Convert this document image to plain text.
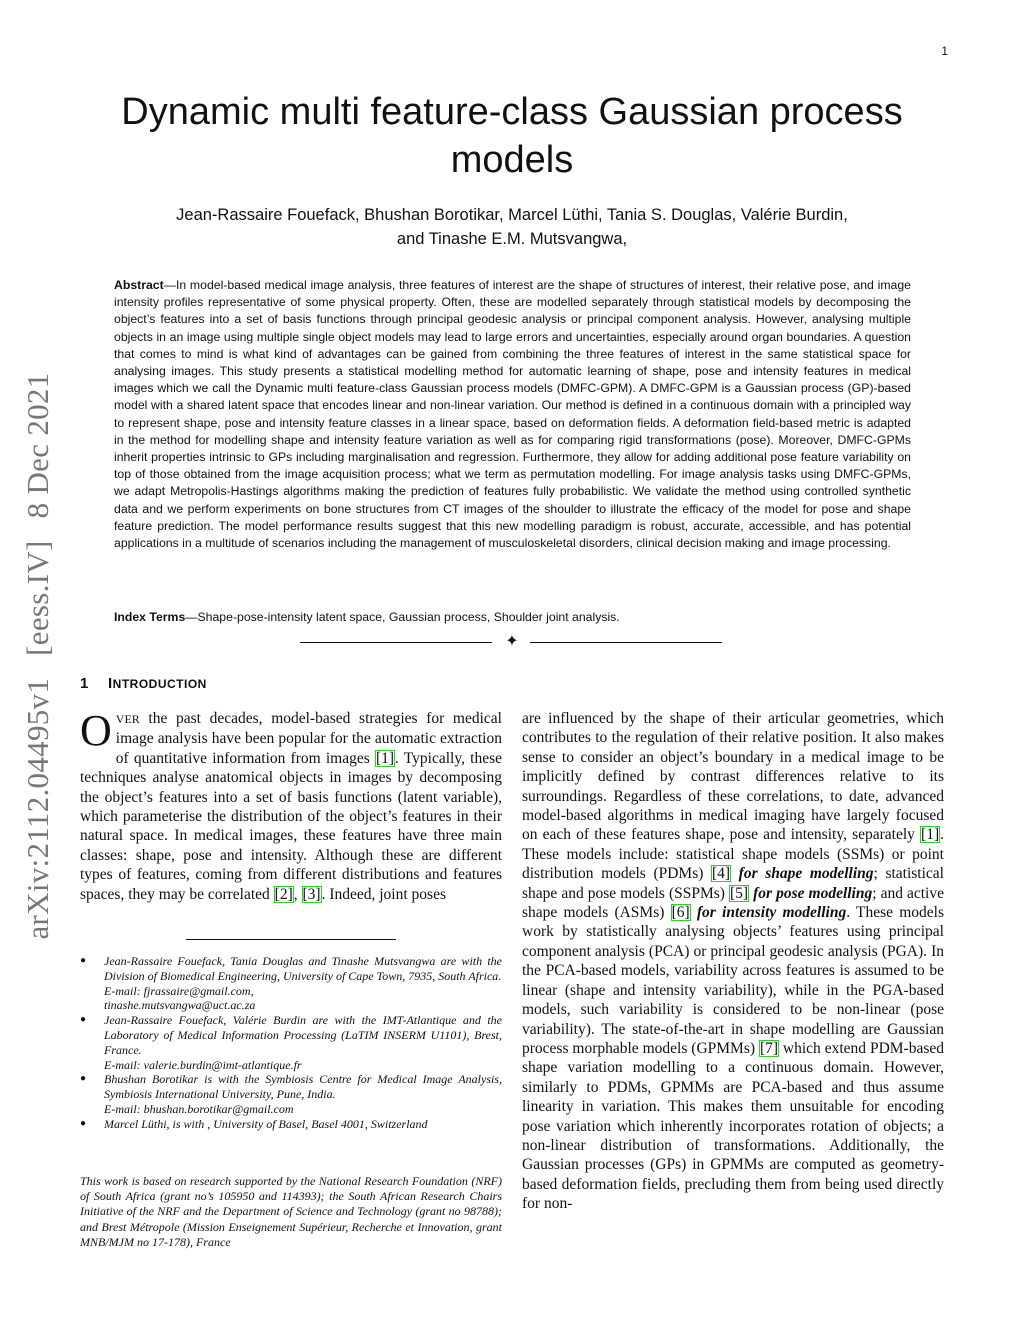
1
Dynamic multi feature-class Gaussian process models
Jean-Rassaire Fouefack, Bhushan Borotikar, Marcel Lüthi, Tania S. Douglas, Valérie Burdin,
and Tinashe E.M. Mutsvangwa,
Abstract—In model-based medical image analysis, three features of interest are the shape of structures of interest, their relative pose, and image intensity profiles representative of some physical property. Often, these are modelled separately through statistical models by decomposing the object’s features into a set of basis functions through principal geodesic analysis or principal component analysis. However, analysing multiple objects in an image using multiple single object models may lead to large errors and uncertainties, especially around organ boundaries. A question that comes to mind is what kind of advantages can be gained from combining the three features of interest in the same statistical space for analysing images. This study presents a statistical modelling method for automatic learning of shape, pose and intensity features in medical images which we call the Dynamic multi feature-class Gaussian process models (DMFC-GPM). A DMFC-GPM is a Gaussian process (GP)-based model with a shared latent space that encodes linear and non-linear variation. Our method is defined in a continuous domain with a principled way to represent shape, pose and intensity feature classes in a linear space, based on deformation fields. A deformation field-based metric is adapted in the method for modelling shape and intensity feature variation as well as for comparing rigid transformations (pose). Moreover, DMFC-GPMs inherit properties intrinsic to GPs including marginalisation and regression. Furthermore, they allow for adding additional pose feature variability on top of those obtained from the image acquisition process; what we term as permutation modelling. For image analysis tasks using DMFC-GPMs, we adapt Metropolis-Hastings algorithms making the prediction of features fully probabilistic. We validate the method using controlled synthetic data and we perform experiments on bone structures from CT images of the shoulder to illustrate the efficacy of the model for pose and shape feature prediction. The model performance results suggest that this new modelling paradigm is robust, accurate, accessible, and has potential applications in a multitude of scenarios including the management of musculoskeletal disorders, clinical decision making and image processing.
Index Terms—Shape-pose-intensity latent space, Gaussian process, Shoulder joint analysis.
✦
arXiv:2112.04495v1[eess.IV]8 Dec 2021
1 INTRODUCTION
OVER the past decades, model-based strategies for medical image analysis have been popular for the automatic extraction of quantitative information from images [1]. Typically, these techniques analyse anatomical objects in images by decomposing the object’s features into a set of basis functions (latent variable), which parameterise the distribution of the object’s features in their natural space. In medical images, these features have three main classes: shape, pose and intensity. Although these are different types of features, coming from different distributions and features spaces, they may be correlated [2], [3]. Indeed, joint poses
are influenced by the shape of their articular geometries, which contributes to the regulation of their relative position. It also makes sense to consider an object’s boundary in a medical image to be implicitly defined by contrast differences relative to its surroundings. Regardless of these correlations, to date, advanced model-based algorithms in medical imaging have largely focused on each of these features shape, pose and intensity, separately [1]. These models include: statistical shape models (SSMs) or point distribution models (PDMs) [4] for shape modelling; statistical shape and pose models (SSPMs) [5] for pose modelling; and active shape models (ASMs) [6] for intensity modelling. These models work by statistically analysing objects’ features using principal component analysis (PCA) or principal geodesic analysis (PGA). In the PCA-based models, variability across features is assumed to be linear (shape and intensity variability), while in the PGA-based models, such variability is considered to be non-linear (pose variability). The state-of-the-art in shape modelling are Gaussian process morphable models (GPMMs) [7] which extend PDM-based shape variation modelling to a continuous domain. However, similarly to PDMs, GPMMs are PCA-based and thus assume linearity in variation. This makes them unsuitable for encoding pose variation which inherently incorporates rotation of objects; a non-linear distribution of transformations. Additionally, the Gaussian processes (GPs) in GPMMs are computed as geometry-based deformation fields, precluding them from being used directly for non-
● Jean-Rassaire Fouefack, Tania Douglas and Tinashe Mutsvangwa are with the Division of Biomedical Engineering, University of Cape Town, 7935, South Africa.
E-mail: fjrassaire@gmail.com,
tinashe.mutsvangwa@uct.ac.za
● Jean-Rassaire Fouefack, Valérie Burdin are with the IMT-Atlantique and the Laboratory of Medical Information Processing (LaTIM INSERM U1101), Brest, France.
E-mail: valerie.burdin@imt-atlantique.fr
● Bhushan Borotikar is with the Symbiosis Centre for Medical Image Analysis, Symbiosis International University, Pune, India.
E-mail: bhushan.borotikar@gmail.com
● Marcel Lüthi, is with , University of Basel, Basel 4001, Switzerland
This work is based on research supported by the National Research Foundation (NRF) of South Africa (grant no’s 105950 and 114393); the South African Research Chairs Initiative of the NRF and the Department of Science and Technology (grant no 98788); and Brest Métropole (Mission Enseignement Supérieur, Recherche et Innovation, grant MNB/MJM no 17-178), France
